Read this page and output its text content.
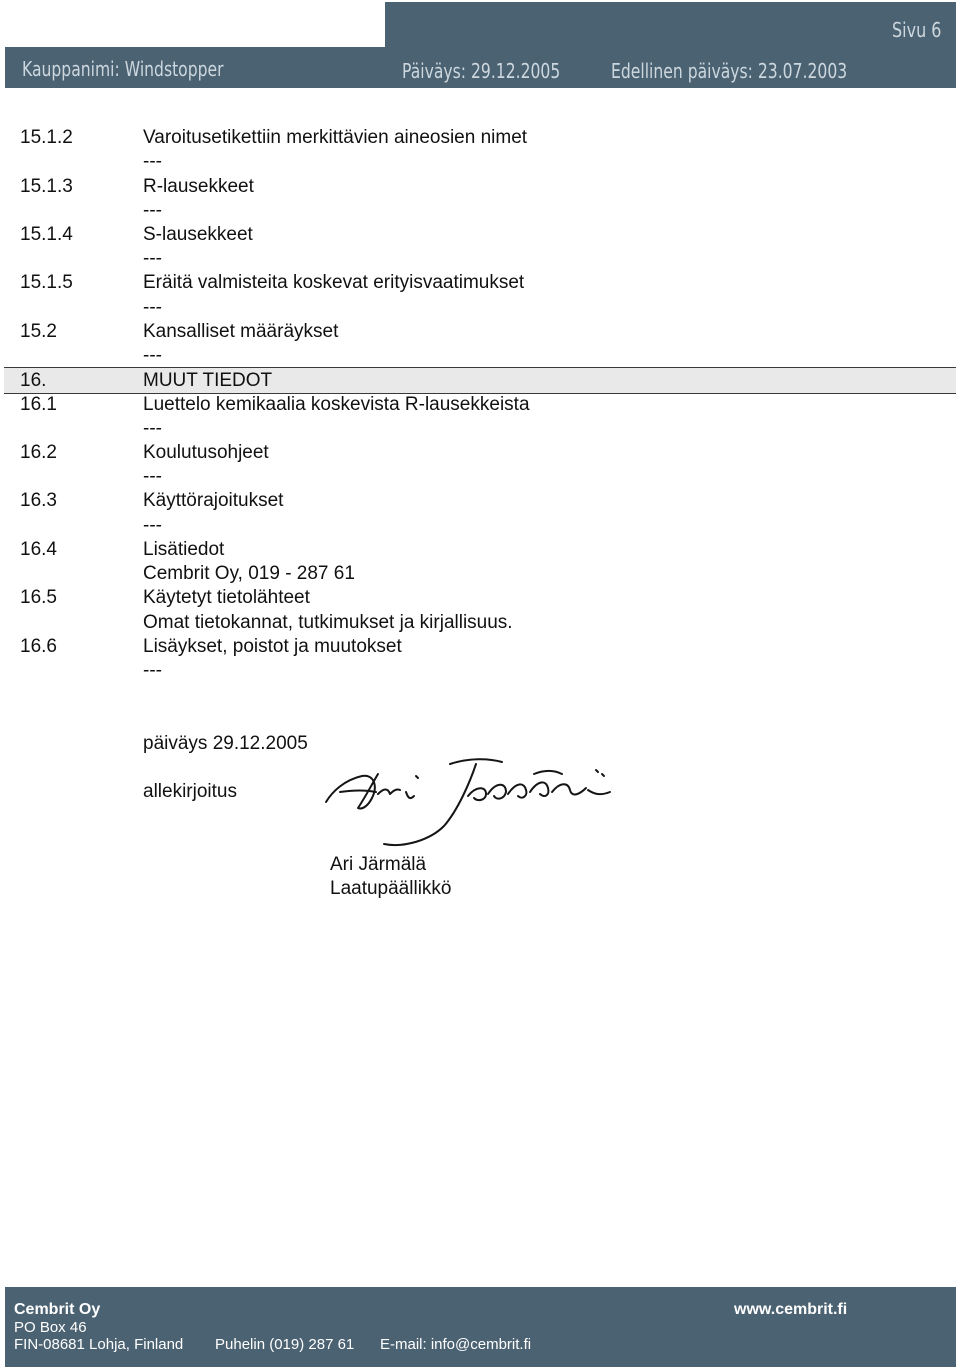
Kauppanimi: Windstopper	Päiväys: 29.12.2005	Edellinen päiväys: 23.07.2003
Sivu 6
15.1.2	Varoitusetikettiin merkittävien aineosien nimet
---
15.1.3	R-lausekkeet
---
15.1.4	S-lausekkeet
---
15.1.5	Eräitä valmisteita koskevat erityisvaatimukset
---
15.2	Kansalliset määräykset
---
16.	MUUT TIEDOT
16.1	Luettelo kemikaalia koskevista R-lausekkeista
---
16.2	Koulutusohjeet
---
16.3	Käyttörajoitukset
---
16.4	Lisätiedot
Cembrit Oy, 019 - 287 61
16.5	Käytetyt tietolähteet
Omat tietokannat, tutkimukset ja kirjallisuus.
16.6	Lisäykset, poistot ja muutokset
---
päiväys 29.12.2005
allekirjoitus
Ari Järmälä
Laatupäällikkö
Cembrit Oy
PO Box 46
FIN-08681 Lohja, Finland Puhelin (019) 287 61 E-mail: info@cembrit.fi
www.cembrit.fi
